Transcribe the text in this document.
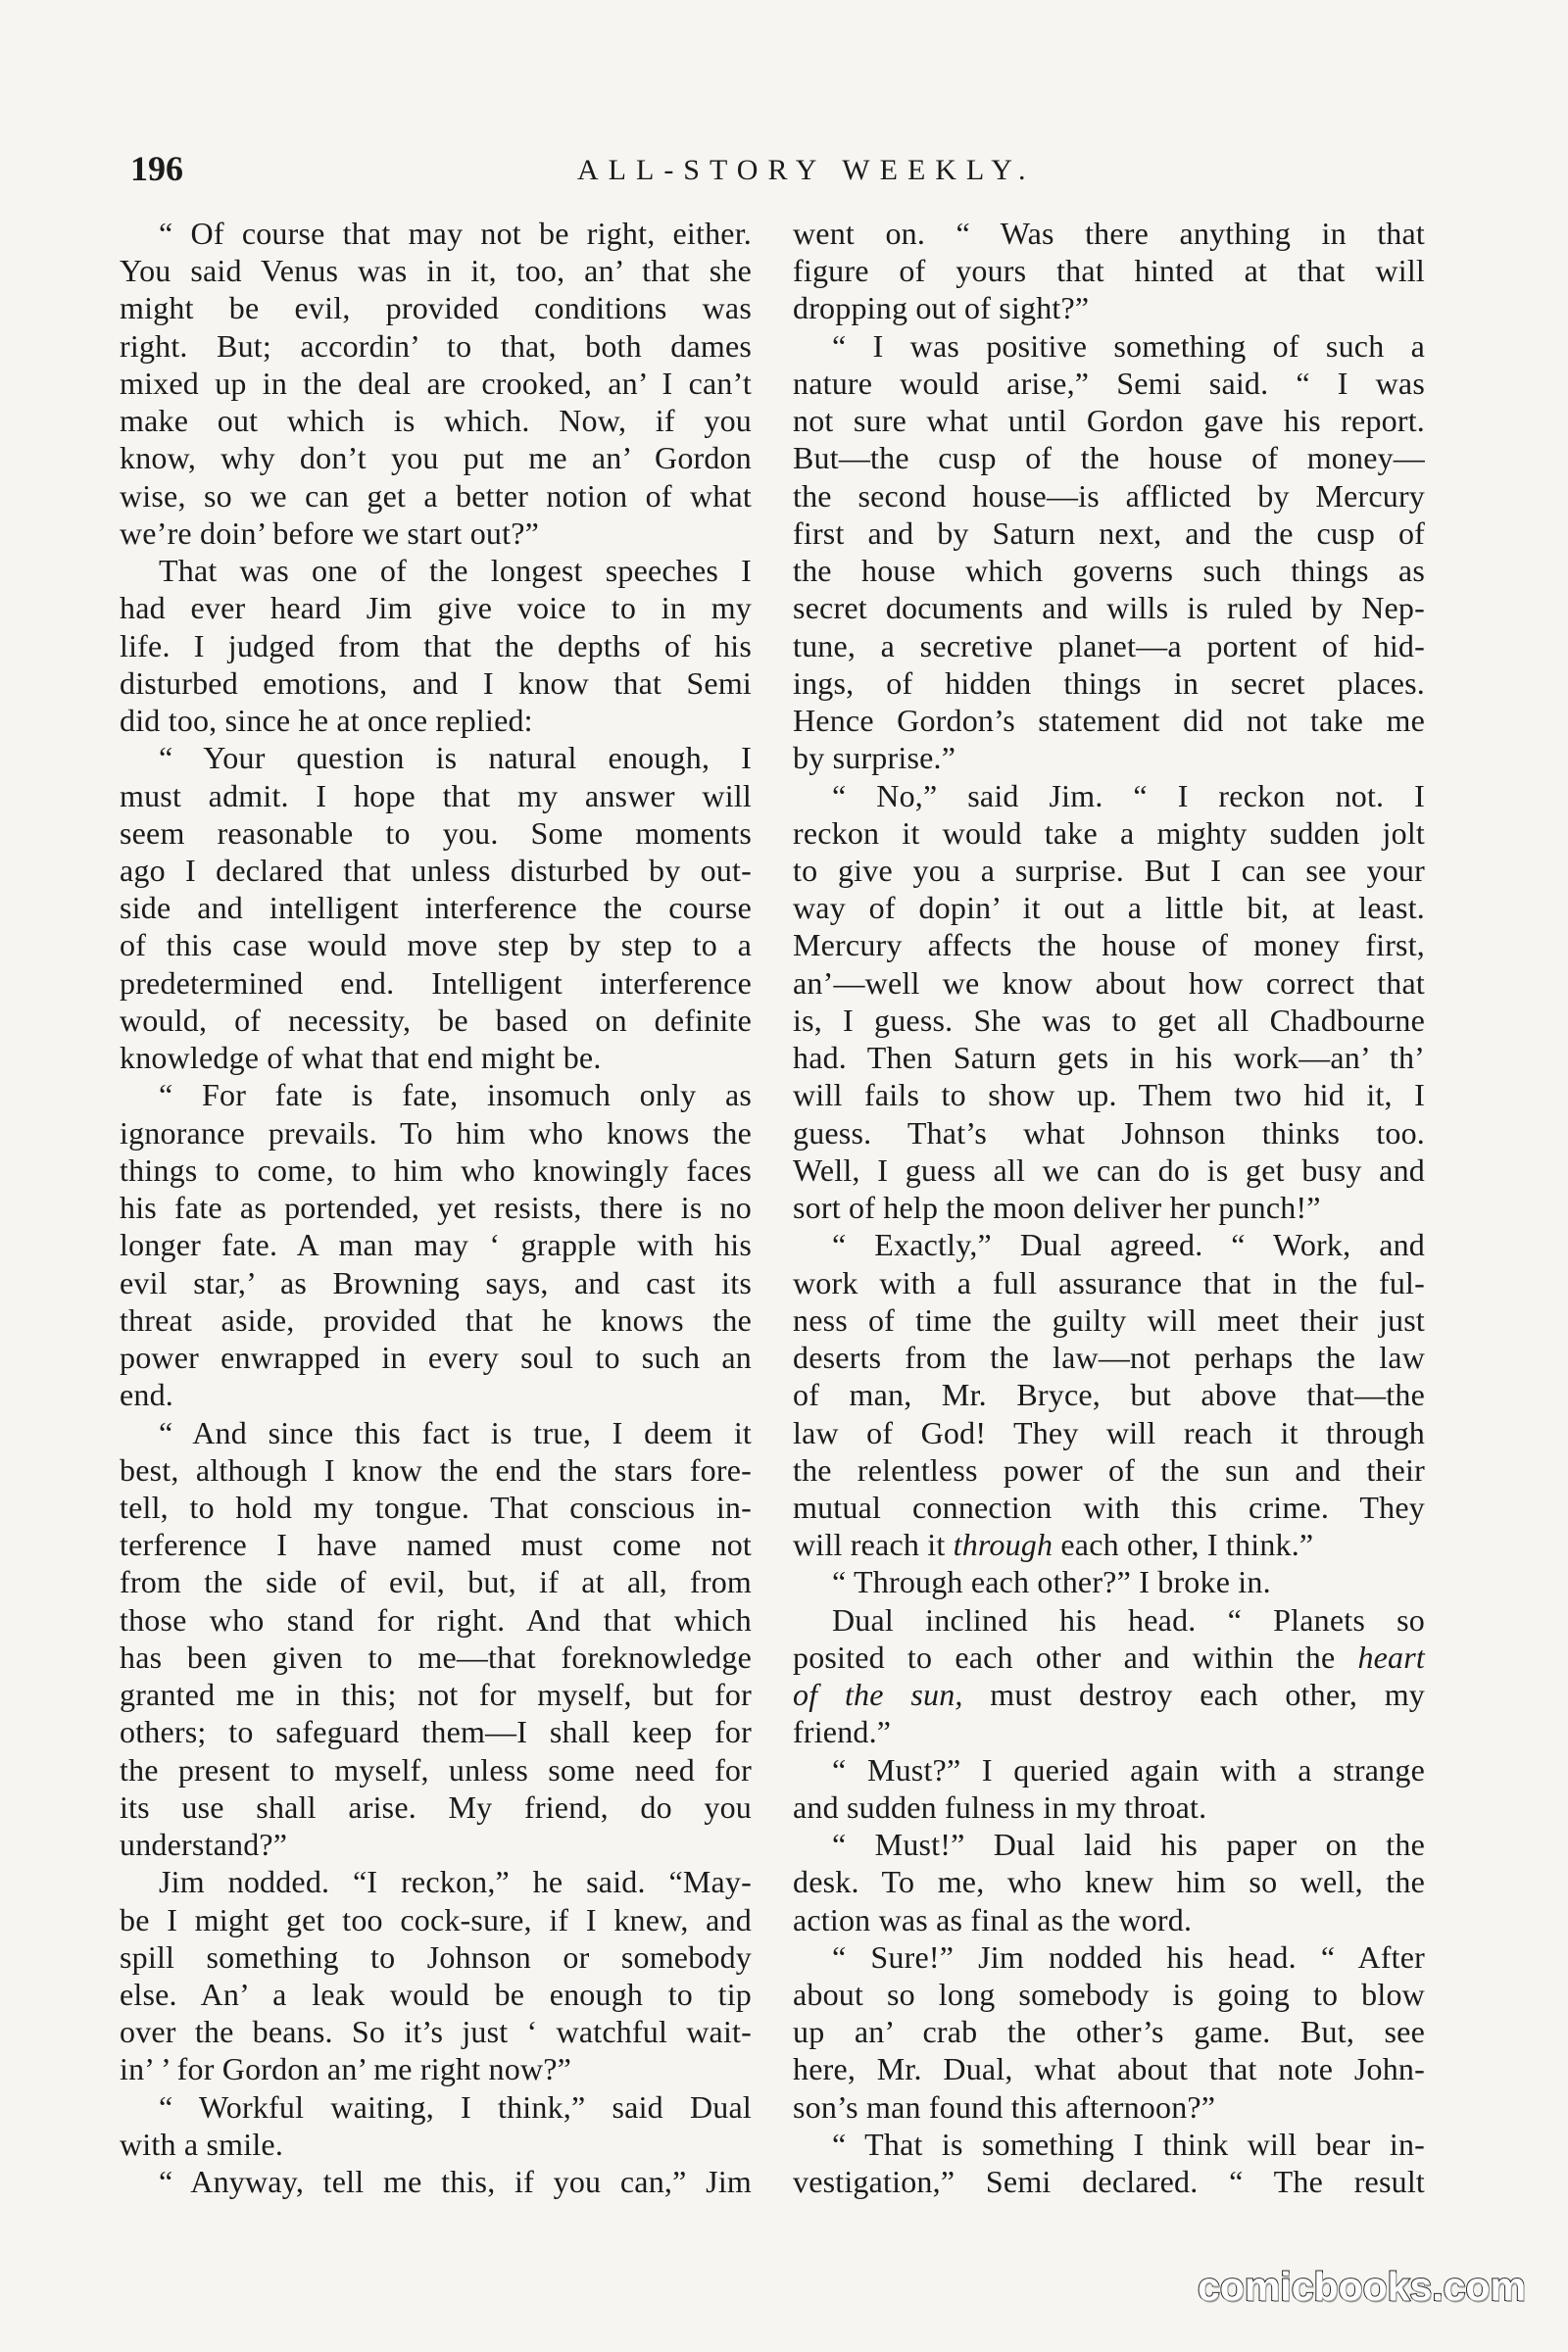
196	ALL-STORY WEEKLY.
“ Of course that may not be right, either.
You said Venus was in it, too, an’ that she
might be evil, provided conditions was
right. But; accordin’ to that, both dames
mixed up in the deal are crooked, an’ I can’t
make out which is which. Now, if you
know, why don’t you put me an’ Gordon
wise, so we can get a better notion of what
we’re doin’ before we start out?”
That was one of the longest speeches I
had ever heard Jim give voice to in my
life. I judged from that the depths of his
disturbed emotions, and I know that Semi
did too, since he at once replied:
“ Your question is natural enough, I
must admit. I hope that my answer will
seem reasonable to you. Some moments
ago I declared that unless disturbed by out-
side and intelligent interference the course
of this case would move step by step to a
predetermined end. Intelligent interference
would, of necessity, be based on definite
knowledge of what that end might be.
“ For fate is fate, insomuch only as
ignorance prevails. To him who knows the
things to come, to him who knowingly faces
his fate as portended, yet resists, there is no
longer fate. A man may ‘ grapple with his
evil star,’ as Browning says, and cast its
threat aside, provided that he knows the
power enwrapped in every soul to such an
end.
“ And since this fact is true, I deem it
best, although I know the end the stars fore-
tell, to hold my tongue. That conscious in-
terference I have named must come not
from the side of evil, but, if at all, from
those who stand for right. And that which
has been given to me—that foreknowledge
granted me in this; not for myself, but for
others; to safeguard them—I shall keep for
the present to myself, unless some need for
its use shall arise. My friend, do you
understand?”
Jim nodded. “I reckon,” he said. “May-
be I might get too cock-sure, if I knew, and
spill something to Johnson or somebody
else. An’ a leak would be enough to tip
over the beans. So it’s just ‘ watchful wait-
in’ ’ for Gordon an’ me right now?”
“ Workful waiting, I think,” said Dual
with a smile.
“ Anyway, tell me this, if you can,” Jim
went on. “ Was there anything in that
figure of yours that hinted at that will
dropping out of sight?”
“ I was positive something of such a
nature would arise,” Semi said. “ I was
not sure what until Gordon gave his report.
But—the cusp of the house of money—
the second house—is afflicted by Mercury
first and by Saturn next, and the cusp of
the house which governs such things as
secret documents and wills is ruled by Nep-
tune, a secretive planet—a portent of hid-
ings, of hidden things in secret places.
Hence Gordon’s statement did not take me
by surprise.”
“ No,” said Jim. “ I reckon not. I
reckon it would take a mighty sudden jolt
to give you a surprise. But I can see your
way of dopin’ it out a little bit, at least.
Mercury affects the house of money first,
an’—well we know about how correct that
is, I guess. She was to get all Chadbourne
had. Then Saturn gets in his work—an’ th’
will fails to show up. Them two hid it, I
guess. That’s what Johnson thinks too.
Well, I guess all we can do is get busy and
sort of help the moon deliver her punch!”
“ Exactly,” Dual agreed. “ Work, and
work with a full assurance that in the ful-
ness of time the guilty will meet their just
deserts from the law—not perhaps the law
of man, Mr. Bryce, but above that—the
law of God! They will reach it through
the relentless power of the sun and their
mutual connection with this crime. They
will reach it through each other, I think.”
“ Through each other?” I broke in.
Dual inclined his head. “ Planets so
posited to each other and within the heart
of the sun, must destroy each other, my
friend.”
“ Must?” I queried again with a strange
and sudden fulness in my throat.
“ Must!” Dual laid his paper on the
desk. To me, who knew him so well, the
action was as final as the word.
“ Sure!” Jim nodded his head. “ After
about so long somebody is going to blow
up an’ crab the other’s game. But, see
here, Mr. Dual, what about that note John-
son’s man found this afternoon?”
“ That is something I think will bear in-
vestigation,” Semi declared. “ The result
comicbooks.com
